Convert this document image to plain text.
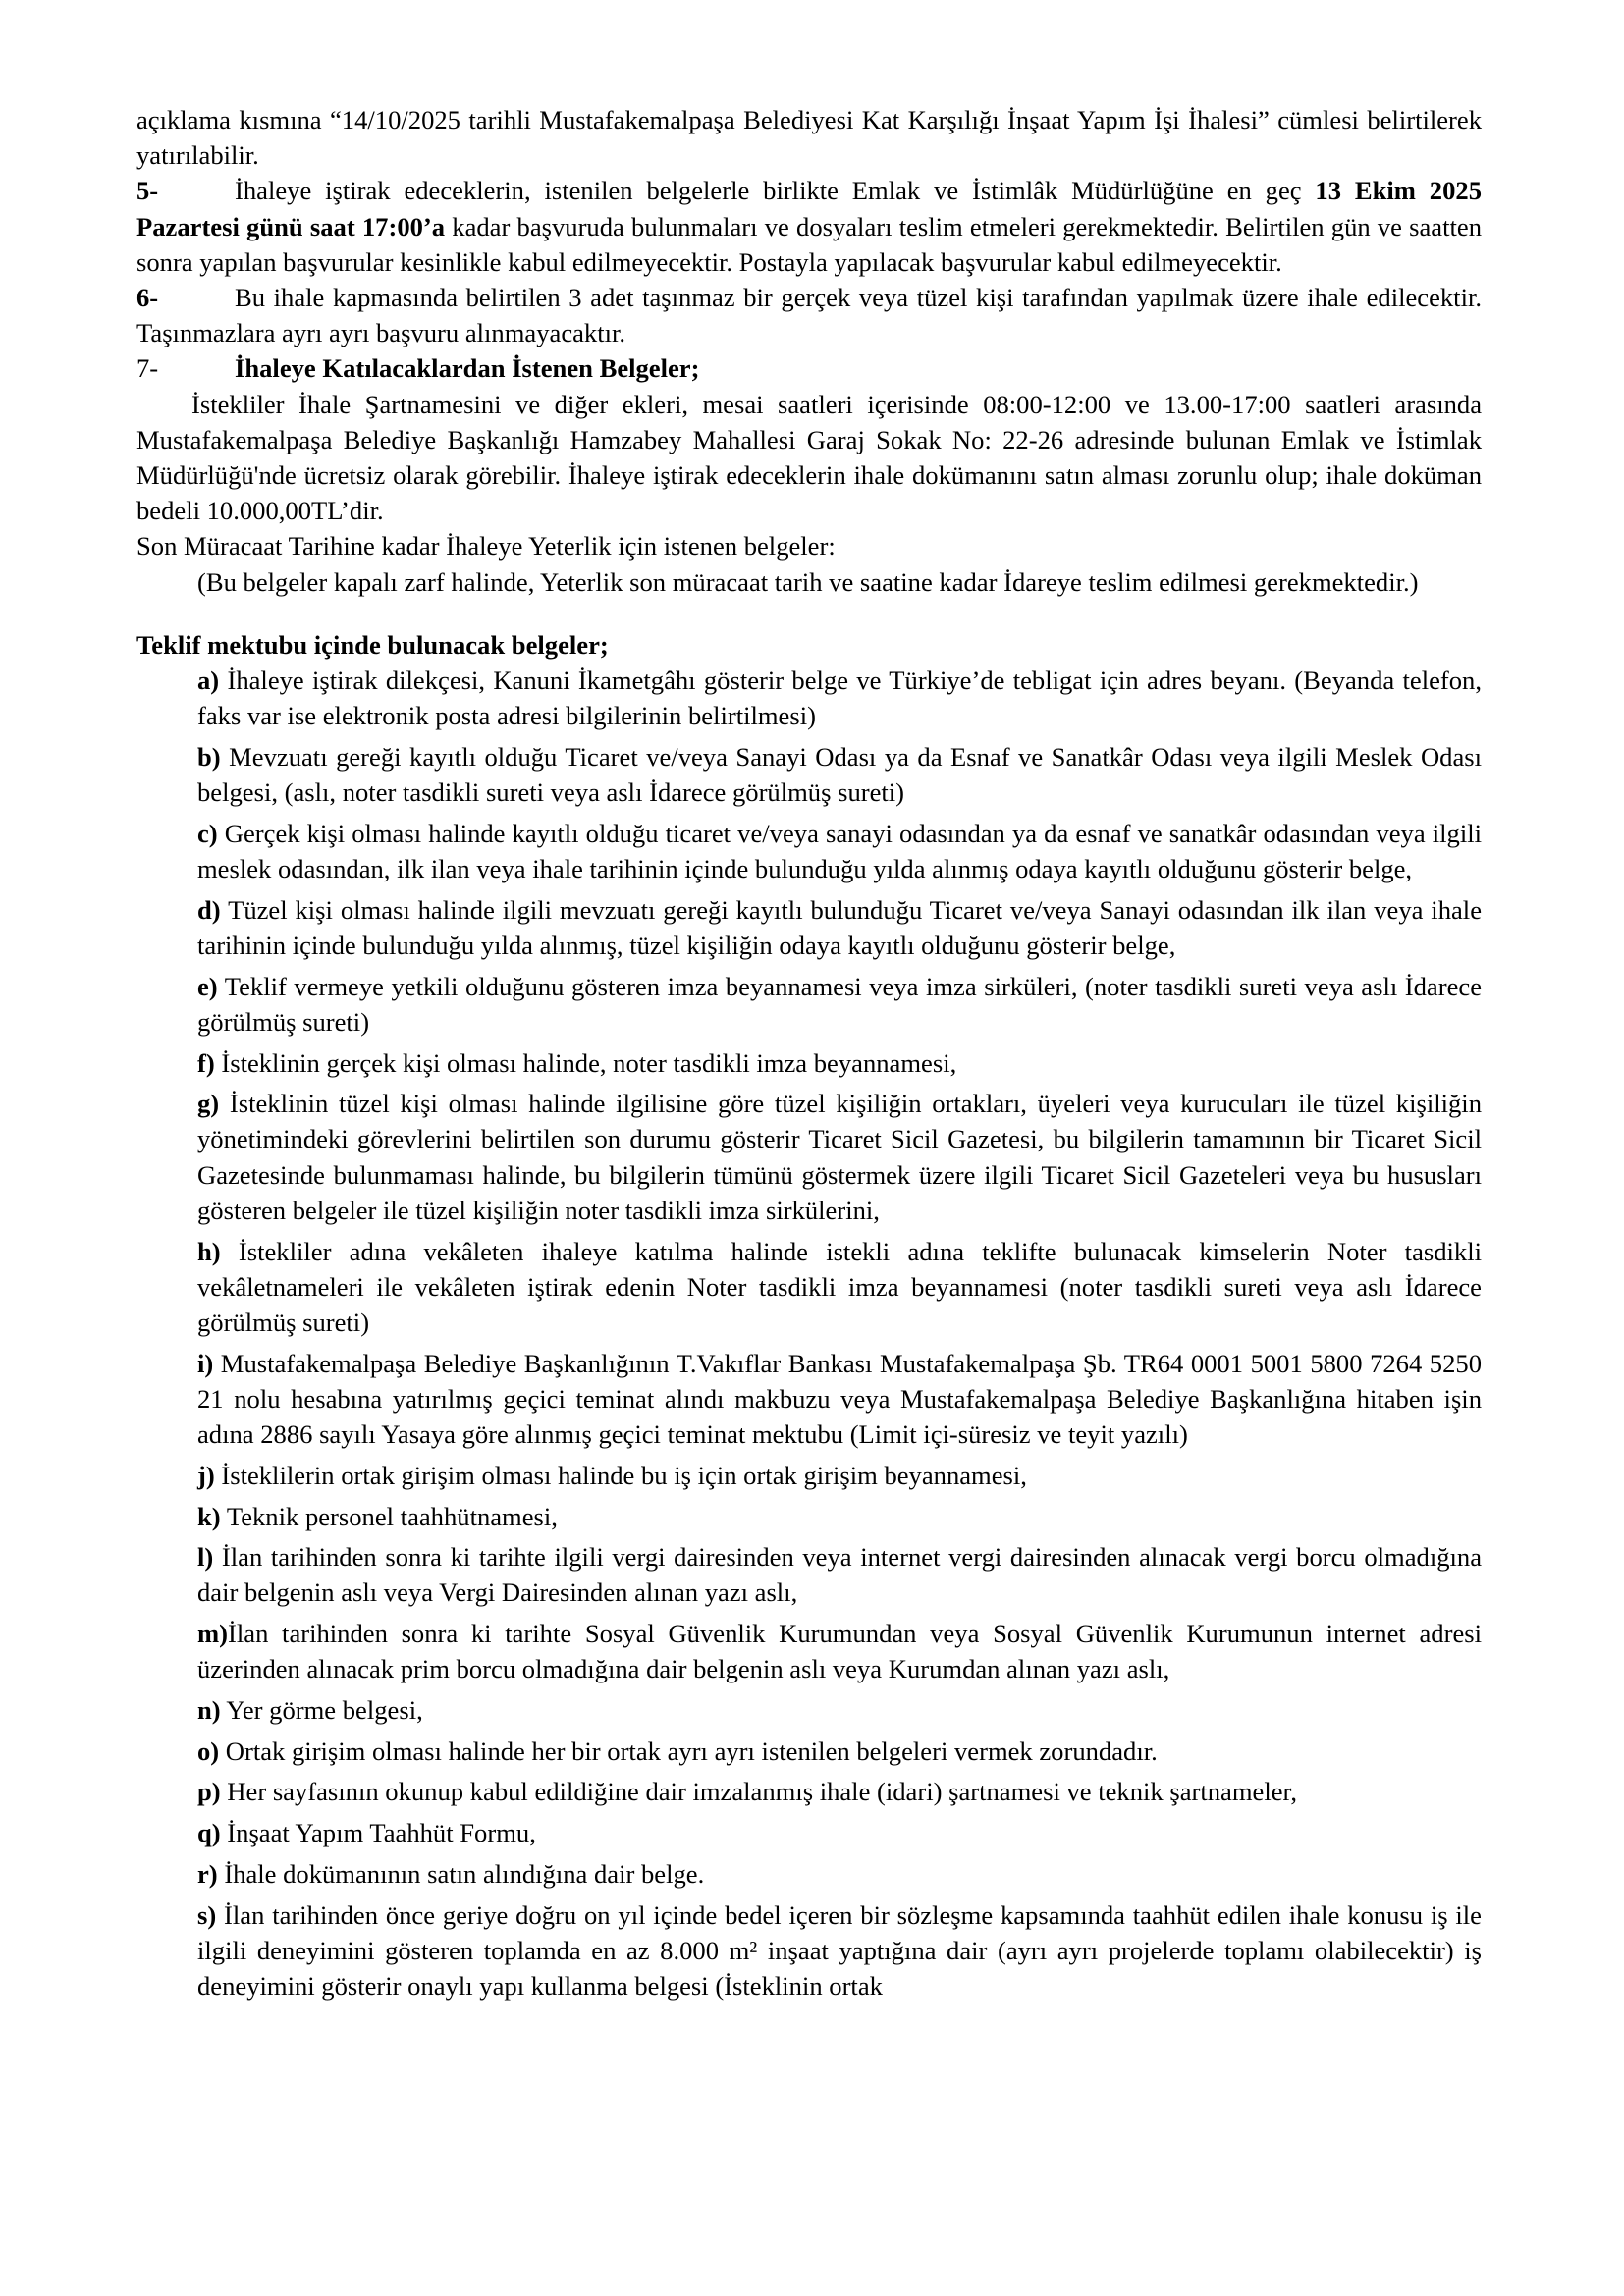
açıklama kısmına “14/10/2025 tarihli Mustafakemalpaşa Belediyesi Kat Karşılığı İnşaat Yapım İşi İhalesi” cümlesi belirtilerek yatırılabilir.

5-	İhaleye iştirak edeceklerin, istenilen belgelerle birlikte Emlak ve İstimlâk Müdürlüğüne en geç 13 Ekim 2025 Pazartesi günü saat 17:00’a kadar başvuruda bulunmaları ve dosyaları teslim etmeleri gerekmektedir. Belirtilen gün ve saatten sonra yapılan başvurular kesinlikle kabul edilmeyecektir. Postayla yapılacak başvurular kabul edilmeyecektir.

6-	Bu ihale kapmasında belirtilen 3 adet taşınmaz bir gerçek veya tüzel kişi tarafından yapılmak üzere ihale edilecektir. Taşınmazlara ayrı ayrı başvuru alınmayacaktır.

7-	İhaleye Katılacaklardan İstenen Belgeler;

İstekliler İhale Şartnamesini ve diğer ekleri, mesai saatleri içerisinde 08:00-12:00 ve 13.00-17:00 saatleri arasında Mustafakemalpaşa Belediye Başkanlığı Hamzabey Mahallesi Garaj Sokak No: 22-26 adresinde bulunan Emlak ve İstimlak Müdürlüğü'nde ücretsiz olarak görebilir. İhaleye iştirak edeceklerin ihale dokümanını satın alması zorunlu olup; ihale doküman bedeli 10.000,00TL’dir.

Son Müracaat Tarihine kadar İhaleye Yeterlik için istenen belgeler:

(Bu belgeler kapalı zarf halinde, Yeterlik son müracaat tarih ve saatine kadar İdareye teslim edilmesi gerekmektedir.)

Teklif mektubu içinde bulunacak belgeler;

a) İhaleye iştirak dilekçesi, Kanuni İkametgâhı gösterir belge ve Türkiye’de tebligat için adres beyanı. (Beyanda telefon, faks var ise elektronik posta adresi bilgilerinin belirtilmesi)

b) Mevzuatı gereği kayıtlı olduğu Ticaret ve/veya Sanayi Odası ya da Esnaf ve Sanatkâr Odası veya ilgili Meslek Odası belgesi, (aslı, noter tasdikli sureti veya aslı İdarece görülmüş sureti)

c) Gerçek kişi olması halinde kayıtlı olduğu ticaret ve/veya sanayi odasından ya da esnaf ve sanatkâr odasından veya ilgili meslek odasından, ilk ilan veya ihale tarihinin içinde bulunduğu yılda alınmış odaya kayıtlı olduğunu gösterir belge,

d) Tüzel kişi olması halinde ilgili mevzuatı gereği kayıtlı bulunduğu Ticaret ve/veya Sanayi odasından ilk ilan veya ihale tarihinin içinde bulunduğu yılda alınmış, tüzel kişiliğin odaya kayıtlı olduğunu gösterir belge,

e) Teklif vermeye yetkili olduğunu gösteren imza beyannamesi veya imza sirküleri, (noter tasdikli sureti veya aslı İdarece görülmüş sureti)

f) İsteklinin gerçek kişi olması halinde, noter tasdikli imza beyannamesi,

g) İsteklinin tüzel kişi olması halinde ilgilisine göre tüzel kişiliğin ortakları, üyeleri veya kurucuları ile tüzel kişiliğin yönetimindeki görevlerini belirtilen son durumu gösterir Ticaret Sicil Gazetesi, bu bilgilerin tamamının bir Ticaret Sicil Gazetesinde bulunmaması halinde, bu bilgilerin tümünü göstermek üzere ilgili Ticaret Sicil Gazeteleri veya bu hususları gösteren belgeler ile tüzel kişiliğin noter tasdikli imza sirkülerini,

h) İstekliler adına vekâleten ihaleye katılma halinde istekli adına teklifte bulunacak kimselerin Noter tasdikli vekâletnameleri ile vekâleten iştirak edenin Noter tasdikli imza beyannamesi (noter tasdikli sureti veya aslı İdarece görülmüş sureti)

i) Mustafakemalpaşa Belediye Başkanlığının T.Vakıflar Bankası Mustafakemalpaşa Şb. TR64 0001 5001 5800 7264 5250 21 nolu hesabına yatırılmış geçici teminat alındı makbuzu veya Mustafakemalpaşa Belediye Başkanlığına hitaben işin adına 2886 sayılı Yasaya göre alınmış geçici teminat mektubu (Limit içi-süresiz ve teyit yazılı)

j) İsteklilerin ortak girişim olması halinde bu iş için ortak girişim beyannamesi,

k) Teknik personel taahhütnamesi,

l) İlan tarihinden sonra ki tarihte ilgili vergi dairesinden veya internet vergi dairesinden alınacak vergi borcu olmadığına dair belgenin aslı veya Vergi Dairesinden alınan yazı aslı,

m)İlan tarihinden sonra ki tarihte Sosyal Güvenlik Kurumundan veya Sosyal Güvenlik Kurumunun internet adresi üzerinden alınacak prim borcu olmadığına dair belgenin aslı veya Kurumdan alınan yazı aslı,

n) Yer görme belgesi,

o) Ortak girişim olması halinde her bir ortak ayrı ayrı istenilen belgeleri vermek zorundadır.

p) Her sayfasının okunup kabul edildiğine dair imzalanmış ihale (idari) şartnamesi ve teknik şartnameler,

q) İnşaat Yapım Taahhüt Formu,

r) İhale dokümanının satın alındığına dair belge.

s) İlan tarihinden önce geriye doğru on yıl içinde bedel içeren bir sözleşme kapsamında taahhüt edilen ihale konusu iş ile ilgili deneyimini gösteren toplamda en az 8.000 m² inşaat yaptığına dair (ayrı ayrı projelerde toplamı olabilecektir) iş deneyimini gösterir onaylı yapı kullanma belgesi (İsteklinin ortak
